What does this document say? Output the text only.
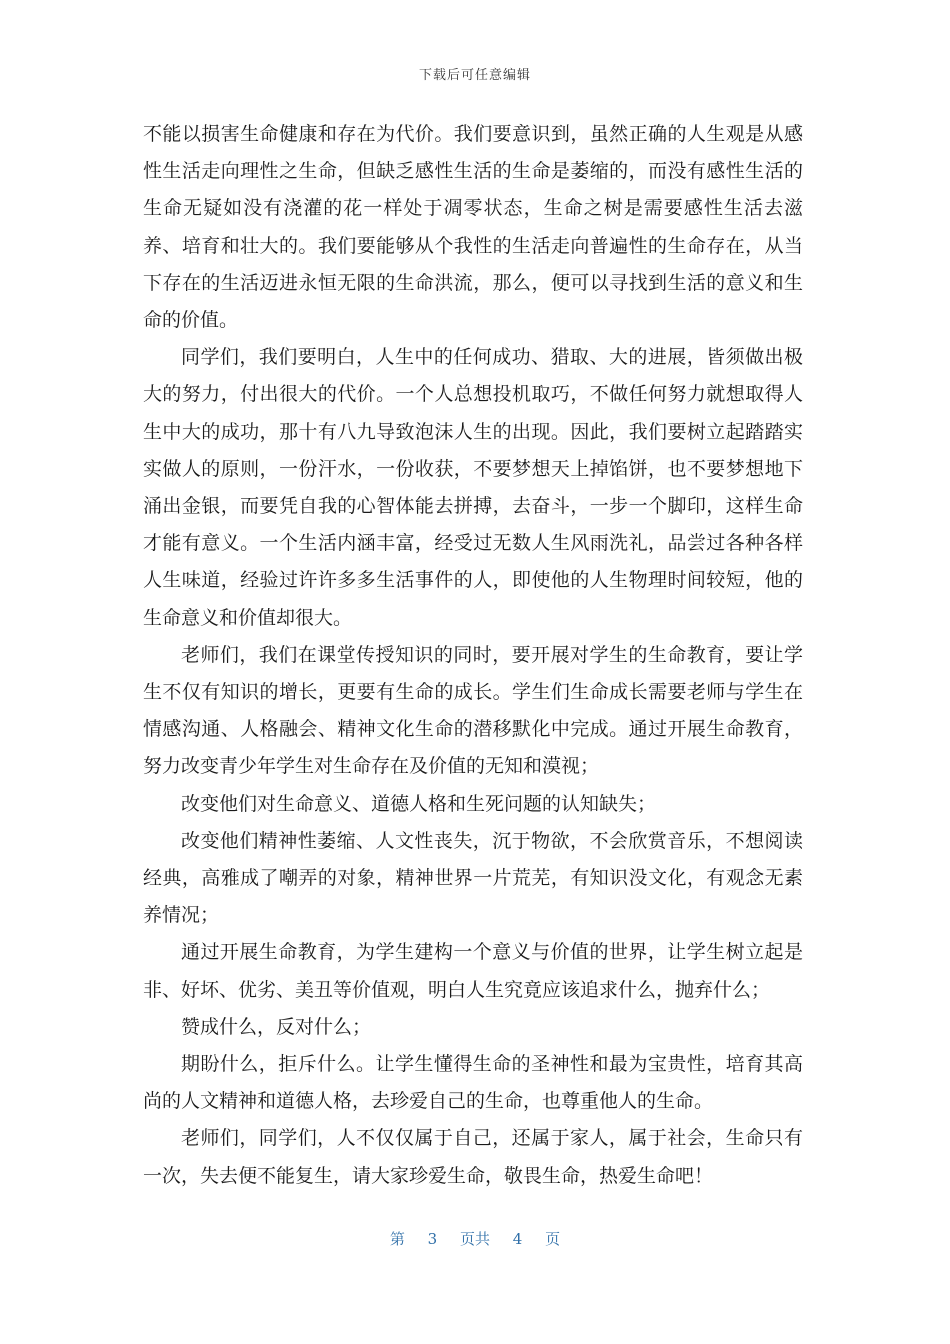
下载后可任意编辑

不能以损害生命健康和存在为代价。我们要意识到，虽然正确的人生观是从感性生活走向理性之生命，但缺乏感性生活的生命是萎缩的，而没有感性生活的生命无疑如没有浇灌的花一样处于凋零状态，生命之树是需要感性生活去滋养、培育和壮大的。我们要能够从个我性的生活走向普遍性的生命存在，从当下存在的生活迈进永恒无限的生命洪流，那么，便可以寻找到生活的意义和生命的价值。

同学们，我们要明白，人生中的任何成功、猎取、大的进展，皆须做出极大的努力，付出很大的代价。一个人总想投机取巧，不做任何努力就想取得人生中大的成功，那十有八九导致泡沫人生的出现。因此，我们要树立起踏踏实实做人的原则，一份汗水，一份收获，不要梦想天上掉馅饼，也不要梦想地下涌出金银，而要凭自我的心智体能去拼搏，去奋斗，一步一个脚印，这样生命才能有意义。一个生活内涵丰富，经受过无数人生风雨洗礼，品尝过各种各样人生味道，经验过许许多多生活事件的人，即使他的人生物理时间较短，他的生命意义和价值却很大。

老师们，我们在课堂传授知识的同时，要开展对学生的生命教育，要让学生不仅有知识的增长，更要有生命的成长。学生们生命成长需要老师与学生在情感沟通、人格融会、精神文化生命的潜移默化中完成。通过开展生命教育，努力改变青少年学生对生命存在及价值的无知和漠视；

改变他们对生命意义、道德人格和生死问题的认知缺失；

改变他们精神性萎缩、人文性丧失，沉于物欲，不会欣赏音乐，不想阅读经典，高雅成了嘲弄的对象，精神世界一片荒芜，有知识没文化，有观念无素养情况；

通过开展生命教育，为学生建构一个意义与价值的世界，让学生树立起是非、好坏、优劣、美丑等价值观，明白人生究竟应该追求什么，抛弃什么；

赞成什么，反对什么；

期盼什么，拒斥什么。让学生懂得生命的圣神性和最为宝贵性，培育其高尚的人文精神和道德人格，去珍爱自己的生命，也尊重他人的生命。

老师们，同学们，人不仅仅属于自己，还属于家人，属于社会，生命只有一次，失去便不能复生，请大家珍爱生命，敬畏生命，热爱生命吧！

第 3 页共 4 页
